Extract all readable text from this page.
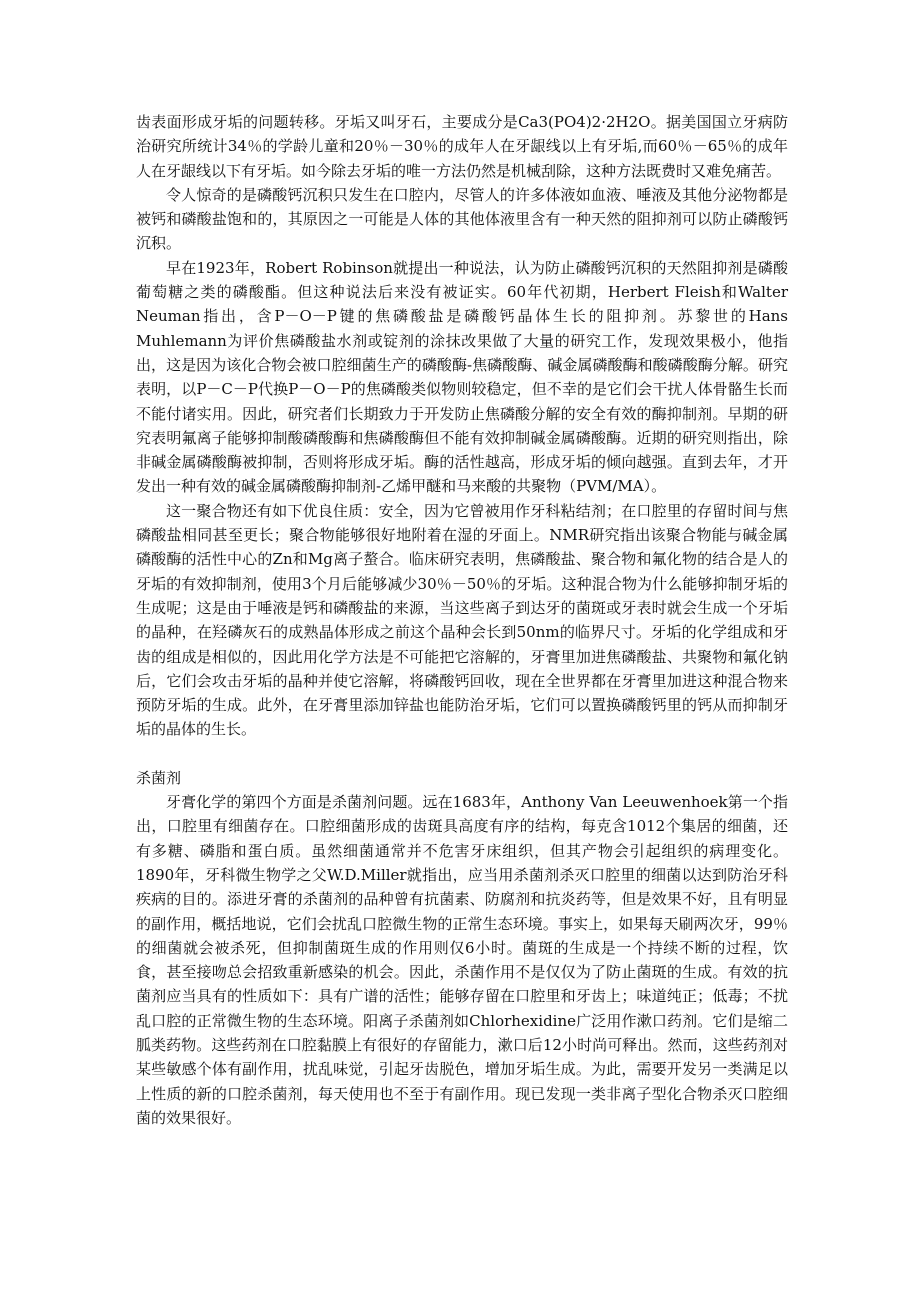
齿表面形成牙垢的问题转移。牙垢又叫牙石，主要成分是Ca3(PO4)2·2H2O。据美国国立牙病防治研究所统计34％的学龄儿童和20％－30％的成年人在牙龈线以上有牙垢,而60％－65％的成年人在牙龈线以下有牙垢。如今除去牙垢的唯一方法仍然是机械刮除，这种方法既费时又难免痛苦。

令人惊奇的是磷酸钙沉积只发生在口腔内，尽管人的许多体液如血液、唾液及其他分泌物都是被钙和磷酸盐饱和的，其原因之一可能是人体的其他体液里含有一种天然的阻抑剂可以防止磷酸钙沉积。

早在1923年，Robert Robinson就提出一种说法，认为防止磷酸钙沉积的天然阻抑剂是磷酸葡萄糖之类的磷酸酯。但这种说法后来没有被证实。60年代初期，Herbert Fleish和Walter Neuman指出，含P－O－P键的焦磷酸盐是磷酸钙晶体生长的阻抑剂。苏黎世的Hans Muhlemann为评价焦磷酸盐水剂或锭剂的涂抹改果做了大量的研究工作，发现效果极小，他指出，这是因为该化合物会被口腔细菌生产的磷酸酶-焦磷酸酶、碱金属磷酸酶和酸磷酸酶分解。研究表明，以P－C－P代换P－O－P的焦磷酸类似物则较稳定，但不幸的是它们会干扰人体骨骼生长而不能付诸实用。因此，研究者们长期致力于开发防止焦磷酸分解的安全有效的酶抑制剂。早期的研究表明氟离子能够抑制酸磷酸酶和焦磷酸酶但不能有效抑制碱金属磷酸酶。近期的研究则指出，除非碱金属磷酸酶被抑制，否则将形成牙垢。酶的活性越高，形成牙垢的倾向越强。直到去年，才开发出一种有效的碱金属磷酸酶抑制剂-乙烯甲醚和马来酸的共聚物（PVM/MA）。

这一聚合物还有如下优良住质：安全，因为它曾被用作牙科粘结剂；在口腔里的存留时间与焦磷酸盐相同甚至更长；聚合物能够很好地附着在湿的牙面上。NMR研究指出该聚合物能与碱金属磷酸酶的活性中心的Zn和Mg离子螯合。临床研究表明，焦磷酸盐、聚合物和氟化物的结合是人的牙垢的有效抑制剂，使用3个月后能够减少30％－50％的牙垢。这种混合物为什么能够抑制牙垢的生成呢；这是由于唾液是钙和磷酸盐的来源，当这些离子到达牙的菌斑或牙表时就会生成一个牙垢的晶种，在羟磷灰石的成熟晶体形成之前这个晶种会长到50nm的临界尺寸。牙垢的化学组成和牙齿的组成是相似的，因此用化学方法是不可能把它溶解的，牙膏里加进焦磷酸盐、共聚物和氟化钠后，它们会攻击牙垢的晶种并使它溶解，将磷酸钙回收，现在全世界都在牙膏里加进这种混合物来预防牙垢的生成。此外，在牙膏里添加锌盐也能防治牙垢，它们可以置换磷酸钙里的钙从而抑制牙垢的晶体的生长。

杀菌剂

牙膏化学的第四个方面是杀菌剂问题。远在1683年，Anthony Van Leeuwenhoek第一个指出，口腔里有细菌存在。口腔细菌形成的齿斑具高度有序的结构，每克含1012个集居的细菌，还有多糖、磷脂和蛋白质。虽然细菌通常并不危害牙床组织，但其产物会引起组织的病理变化。1890年，牙科微生物学之父W.D.Miller就指出，应当用杀菌剂杀灭口腔里的细菌以达到防治牙科疾病的目的。添进牙膏的杀菌剂的品种曾有抗菌素、防腐剂和抗炎药等，但是效果不好，且有明显的副作用，概括地说，它们会扰乱口腔微生物的正常生态环境。事实上，如果每天刷两次牙，99％的细菌就会被杀死，但抑制菌斑生成的作用则仅6小时。菌斑的生成是一个持续不断的过程，饮食，甚至接吻总会招致重新感染的机会。因此，杀菌作用不是仅仅为了防止菌斑的生成。有效的抗菌剂应当具有的性质如下：具有广谱的活性；能够存留在口腔里和牙齿上；味道纯正；低毒；不扰乱口腔的正常微生物的生态环境。阳离子杀菌剂如Chlorhexidine广泛用作漱口药剂。它们是缩二胍类药物。这些药剂在口腔黏膜上有很好的存留能力，漱口后12小时尚可释出。然而，这些药剂对某些敏感个体有副作用，扰乱味觉，引起牙齿脱色，增加牙垢生成。为此，需要开发另一类满足以上性质的新的口腔杀菌剂，每天使用也不至于有副作用。现已发现一类非离子型化合物杀灭口腔细菌的效果很好。
